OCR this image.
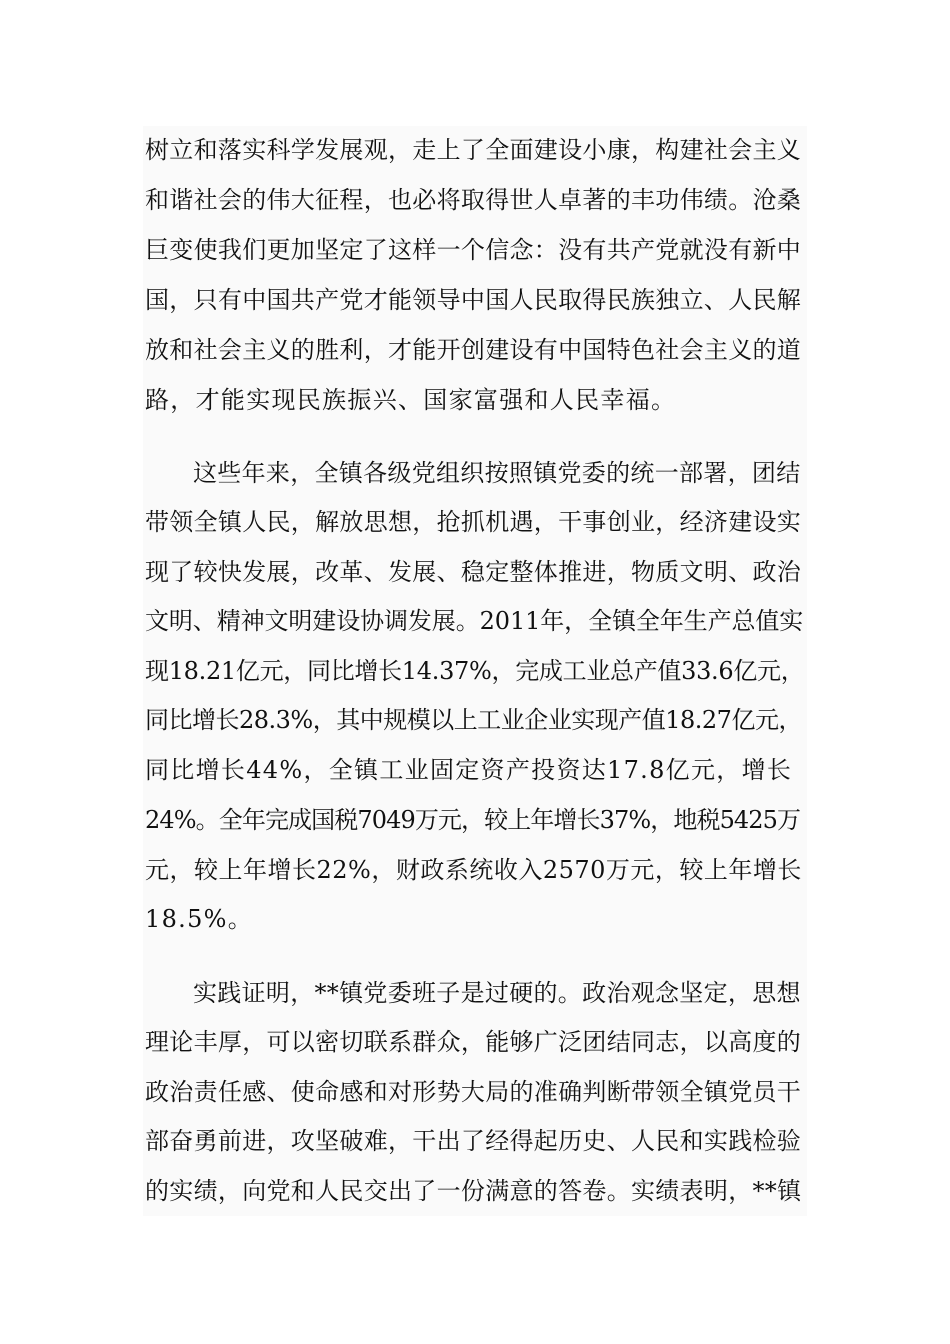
树立和落实科学发展观，走上了全面建设小康，构建社会主义
和谐社会的伟大征程，也必将取得世人卓著的丰功伟绩。沧桑
巨变使我们更加坚定了这样一个信念：没有共产党就没有新中
国，只有中国共产党才能领导中国人民取得民族独立、人民解
放和社会主义的胜利，才能开创建设有中国特色社会主义的道
路，才能实现民族振兴、国家富强和人民幸福。
这些年来，全镇各级党组织按照镇党委的统一部署，团结
带领全镇人民，解放思想，抢抓机遇，干事创业，经济建设实
现了较快发展，改革、发展、稳定整体推进，物质文明、政治
文明、精神文明建设协调发展。2011年，全镇全年生产总值实
现18.21亿元，同比增长14.37%，完成工业总产值33.6亿元，
同比增长28.3%，其中规模以上工业企业实现产值18.27亿元，
同比增长44%，全镇工业固定资产投资达17.8亿元，增长
24%。全年完成国税7049万元，较上年增长37%，地税5425万
元，较上年增长22%，财政系统收入2570万元，较上年增长
18.5%。
实践证明，**镇党委班子是过硬的。政治观念坚定，思想
理论丰厚，可以密切联系群众，能够广泛团结同志，以高度的
政治责任感、使命感和对形势大局的准确判断带领全镇党员干
部奋勇前进，攻坚破难，干出了经得起历史、人民和实践检验
的实绩，向党和人民交出了一份满意的答卷。实绩表明，**镇
